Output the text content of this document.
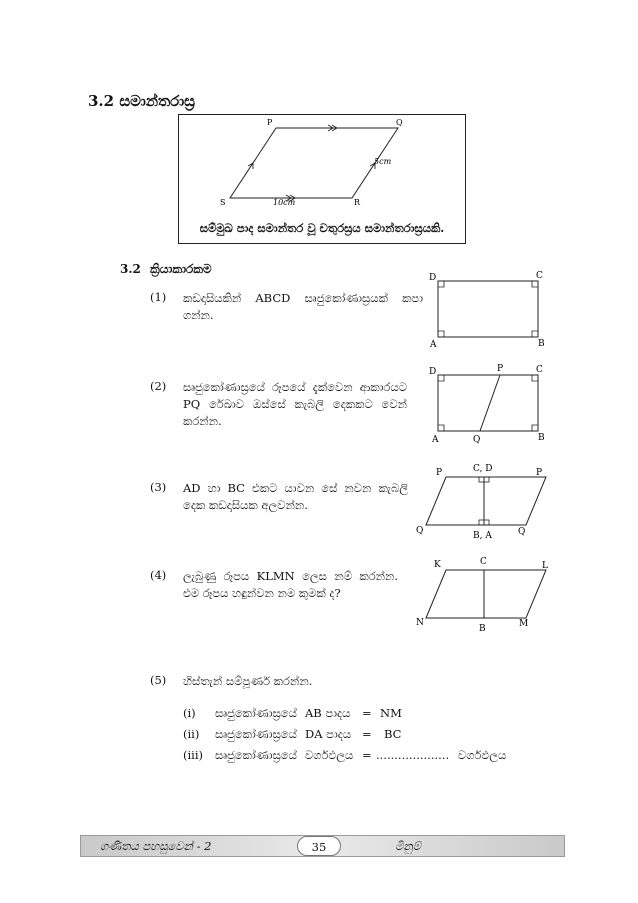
3.2 සමාන්තරාස්‍ර
P	Q
R
S
5cm
10cm
සම්මුඛ පාද සමාන්තර වූ චතුරස්‍රය සමාන්තරාස්‍රයකි.
3.2 ක්‍රියාකාරකම
(1) කඩදාසියකින් ABCD සෘජුකෝණාස්‍රයක් කපා ගන්න.
D	C
A	B
(2) සෘජුකෝණාස්‍රයේ රූපයේ දැක්වෙන ආකාරයට PQ රේඛාව ඔස්සේ කැබලි දෙකකට වෙන් කරන්න.
D	P	C
A	Q	B
(3) AD හා BC එකට යාවන සේ නවන කැබලි දෙක කඩදාසියක අලවන්න.
P	C, D	P
Q	B, A	Q
(4) ලැබුණු රූපය KLMN ලෙස නම් කරන්න. එම රූපය හඳුන්වන නම කුමක් ද?
K	C	L
N
B	M
(5) හිස්තැන් සම්පූර්ණ කරන්න.
(i) සෘජුකෝණාස්‍රයේ AB පාදය = NM
(ii) සෘජුකෝණාස්‍රයේ DA පාදය = BC
(iii) සෘජුකෝණාස්‍රයේ වර්ගඵලය = .................... වර්ගඵලය
ගණිතය පහසුවෙන් - 2	35	මිනුම්
